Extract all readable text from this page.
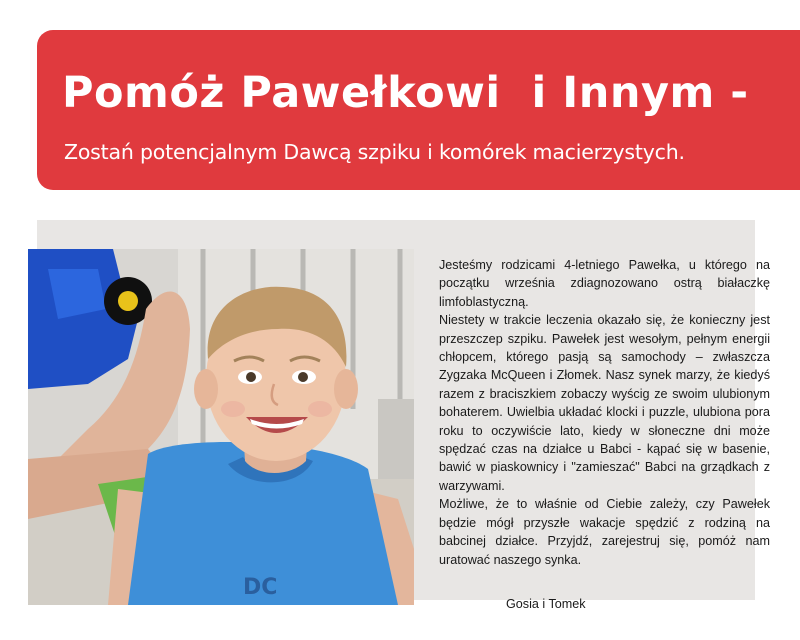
Pomóż Pawełkowi  i Innym -
Zostań potencjalnym Dawcą szpiku i komórek macierzystych.
DC

Jesteśmy rodzicami 4-letniego Pawełka, u którego na początku września zdiagnozowano ostrą białaczkę limfoblastyczną.

Niestety w trakcie leczenia okazało się, że konieczny jest przeszczep szpiku. Pawełek jest wesołym, pełnym energii chłopcem, którego pasją są samochody – zwłaszcza Zygzaka McQueen i Złomek. Nasz synek marzy, że kiedyś razem z braciszkiem zobaczy wyścig ze swoim ulubionym bohaterem. Uwielbia układać klocki i puzzle, ulubiona pora roku to oczywiście lato, kiedy w słoneczne dni może spędzać czas na działce u Babci - kąpać się w basenie, bawić w piaskownicy i "zamieszać" Babci na grządkach z warzywami.

Możliwe, że to właśnie od Ciebie zależy, czy Pawełek będzie mógł przyszłe wakacje spędzić z rodziną na babcinej działce. Przyjdź, zarejestruj się, pomóż nam uratować naszego synka.

Gosia i Tomek
